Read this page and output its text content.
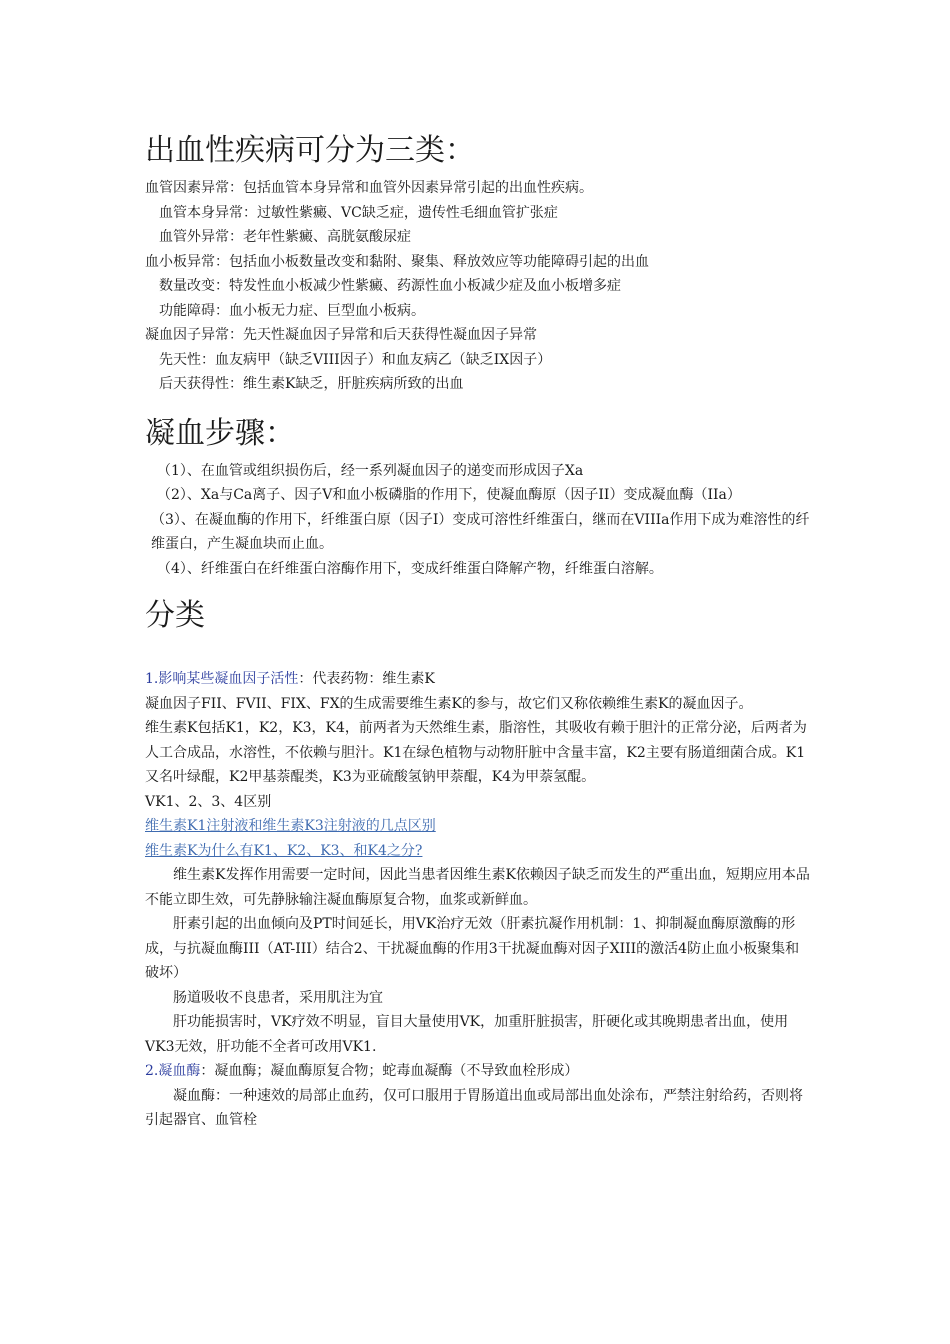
出血性疾病可分为三类：
血管因素异常：包括血管本身异常和血管外因素异常引起的出血性疾病。
血管本身异常：过敏性紫癜、VC缺乏症，遗传性毛细血管扩张症
血管外异常：老年性紫癜、高胱氨酸尿症
血小板异常：包括血小板数量改变和黏附、聚集、释放效应等功能障碍引起的出血
数量改变：特发性血小板减少性紫癜、药源性血小板减少症及血小板增多症
功能障碍：血小板无力症、巨型血小板病。
凝血因子异常：先天性凝血因子异常和后天获得性凝血因子异常
先天性：血友病甲（缺乏VIII因子）和血友病乙（缺乏IX因子）
后天获得性：维生素K缺乏，肝脏疾病所致的出血
凝血步骤：
（1）、在血管或组织损伤后，经一系列凝血因子的递变而形成因子Xa
（2）、Xa与Ca离子、因子V和血小板磷脂的作用下，使凝血酶原（因子II）变成凝血酶（IIa）
（3）、在凝血酶的作用下，纤维蛋白原（因子I）变成可溶性纤维蛋白，继而在VIIIa作用下成为难溶性的纤维蛋白，产生凝血块而止血。
（4）、纤维蛋白在纤维蛋白溶酶作用下，变成纤维蛋白降解产物，纤维蛋白溶解。
分类
1.影响某些凝血因子活性：代表药物：维生素K
凝血因子FII、FVII、FIX、FX的生成需要维生素K的参与，故它们又称依赖维生素K的凝血因子。
维生素K包括K1，K2，K3，K4，前两者为天然维生素，脂溶性，其吸收有赖于胆汁的正常分泌，后两者为人工合成品，水溶性，不依赖与胆汁。K1在绿色植物与动物肝脏中含量丰富，K2主要有肠道细菌合成。K1又名叶绿醌，K2甲基萘醌类，K3为亚硫酸氢钠甲萘醌，K4为甲萘氢醌。
VK1、2、3、4区别
维生素K1注射液和维生素K3注射液的几点区别
维生素K为什么有K1、K2、K3、和K4之分?
维生素K发挥作用需要一定时间，因此当患者因维生素K依赖因子缺乏而发生的严重出血，短期应用本品不能立即生效，可先静脉输注凝血酶原复合物，血浆或新鲜血。
肝素引起的出血倾向及PT时间延长，用VK治疗无效（肝素抗凝作用机制：1、抑制凝血酶原激酶的形成，与抗凝血酶III（AT-III）结合2、干扰凝血酶的作用3干扰凝血酶对因子XIII的激活4防止血小板聚集和破坏）
肠道吸收不良患者，采用肌注为宜
肝功能损害时，VK疗效不明显，盲目大量使用VK，加重肝脏损害，肝硬化或其晚期患者出血，使用VK3无效，肝功能不全者可改用VK1.
2.凝血酶：凝血酶；凝血酶原复合物；蛇毒血凝酶（不导致血栓形成）
凝血酶：一种速效的局部止血药，仅可口服用于胃肠道出血或局部出血处涂布，严禁注射给药，否则将引起器官、血管栓
